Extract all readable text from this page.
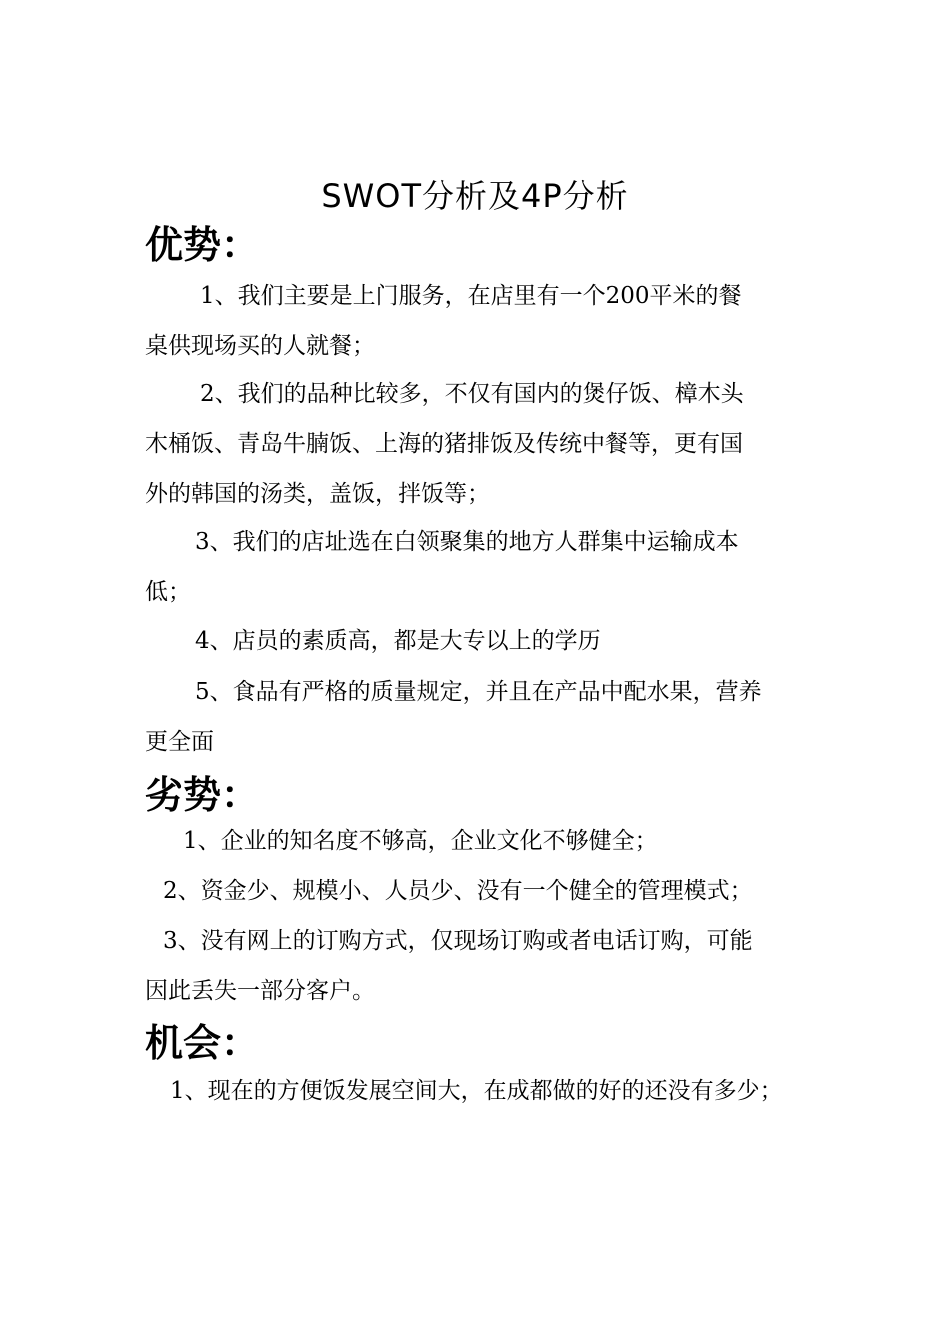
SWOT分析及4P分析
优势：
1、我们主要是上门服务，在店里有一个200平米的餐
桌供现场买的人就餐；
2、我们的品种比较多，不仅有国内的煲仔饭、樟木头
木桶饭、青岛牛腩饭、上海的猪排饭及传统中餐等，更有国
外的韩国的汤类，盖饭，拌饭等；
3、我们的店址选在白领聚集的地方人群集中运输成本
低；
4、店员的素质高，都是大专以上的学历
5、食品有严格的质量规定，并且在产品中配水果，营养
更全面
劣势：
1、企业的知名度不够高，企业文化不够健全；
2、资金少、规模小、人员少、没有一个健全的管理模式；
3、没有网上的订购方式，仅现场订购或者电话订购，可能
因此丢失一部分客户。
机会：
1、现在的方便饭发展空间大，在成都做的好的还没有多少；
